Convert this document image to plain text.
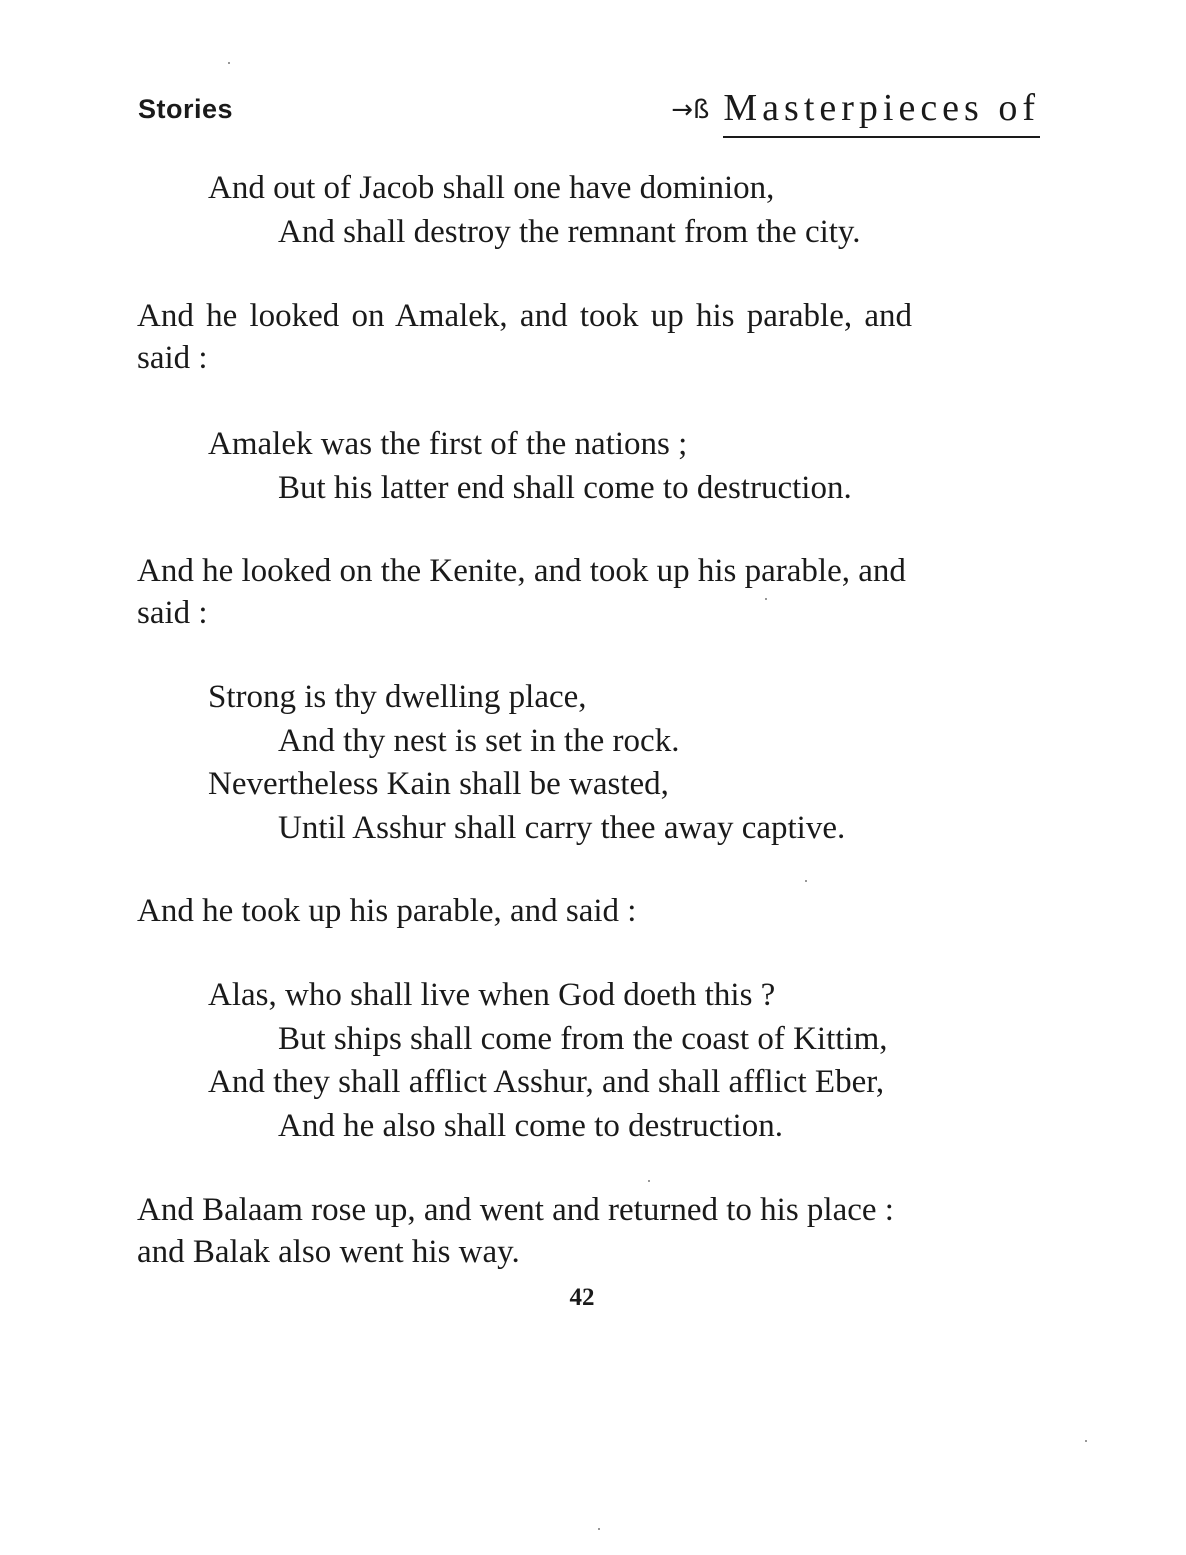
Stories	→ß Masterpieces of
And out of Jacob shall one have dominion,
And shall destroy the remnant from the city.
And he looked on Amalek, and took up his parable, and
said :
Amalek was the first of the nations ;
But his latter end shall come to destruction.
And he looked on the Kenite, and took up his parable, and
said :
Strong is thy dwelling place,
And thy nest is set in the rock.
Nevertheless Kain shall be wasted,
Until Asshur shall carry thee away captive.
And he took up his parable, and said :
Alas, who shall live when God doeth this ?
But ships shall come from the coast of Kittim,
And they shall afflict Asshur, and shall afflict Eber,
And he also shall come to destruction.
And Balaam rose up, and went and returned to his place :
and Balak also went his way.
42
